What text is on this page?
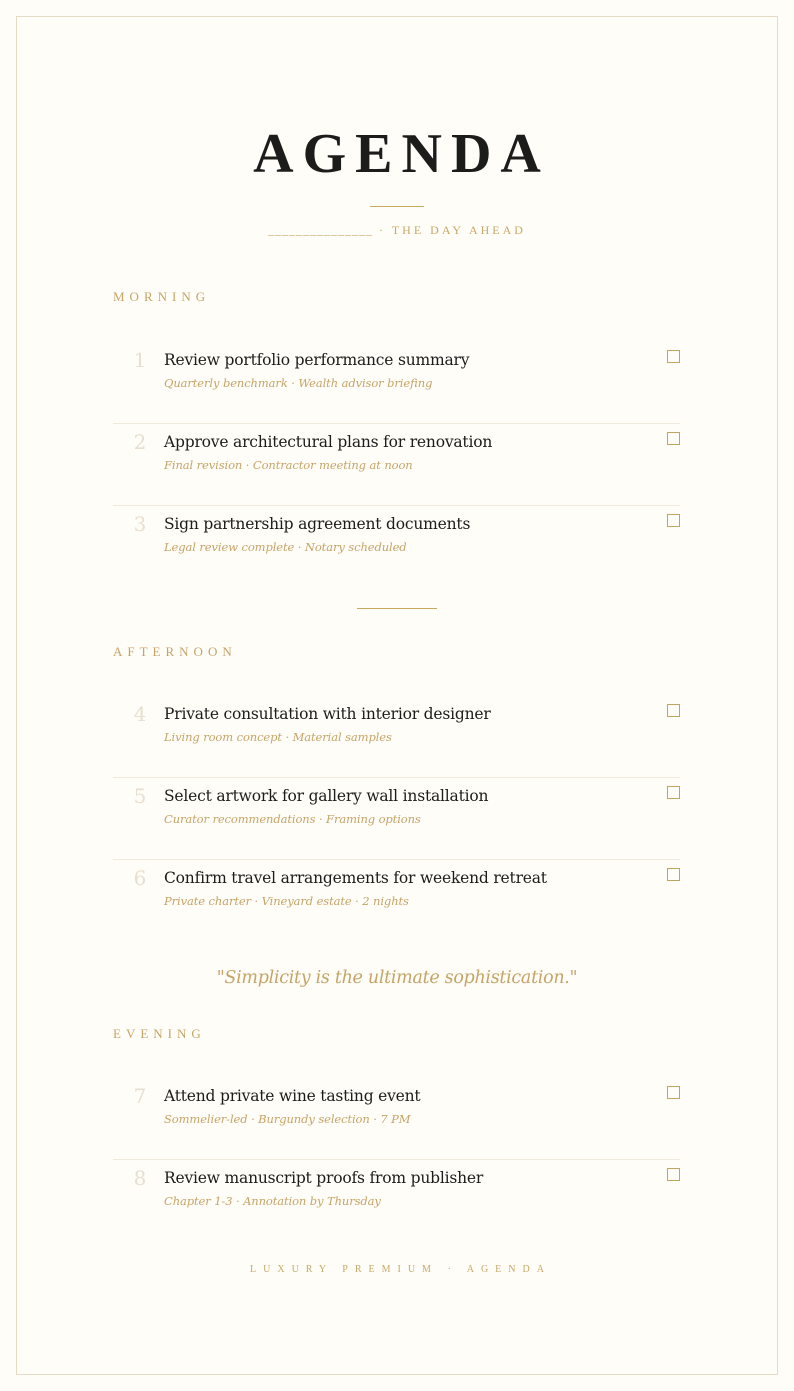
AGENDA
_______________ · THE DAY AHEAD
MORNING
1 Review portfolio performance summary
Quarterly benchmark · Wealth advisor briefing
2 Approve architectural plans for renovation
Final revision · Contractor meeting at noon
3 Sign partnership agreement documents
Legal review complete · Notary scheduled
AFTERNOON
4 Private consultation with interior designer
Living room concept · Material samples
5 Select artwork for gallery wall installation
Curator recommendations · Framing options
6 Confirm travel arrangements for weekend retreat
Private charter · Vineyard estate · 2 nights
"Simplicity is the ultimate sophistication."
EVENING
7 Attend private wine tasting event
Sommelier-led · Burgundy selection · 7 PM
8 Review manuscript proofs from publisher
Chapter 1-3 · Annotation by Thursday
LUXURY PREMIUM · AGENDA
